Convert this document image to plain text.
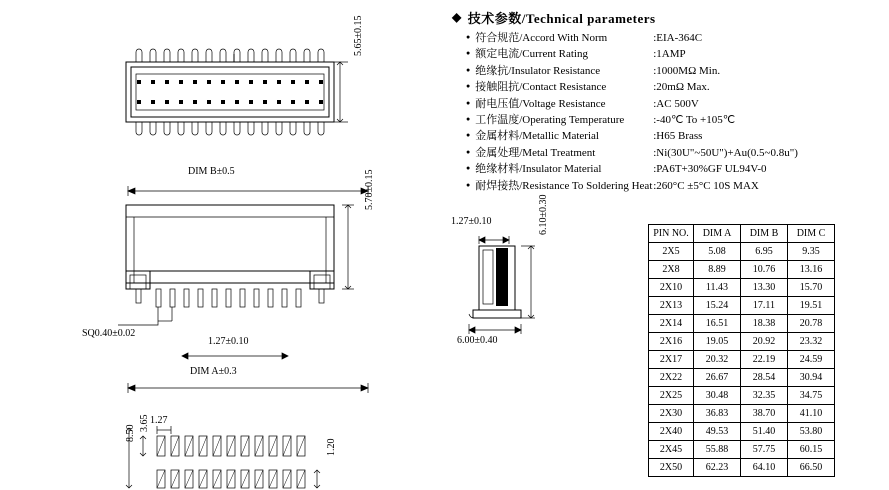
5.65±0.15
DIM B±0.5	5.70±0.15
SQ0.40±0.02
1.27±0.10
DIM A±0.3
1.27±0.10	6.10±0.30
6.00±0.40
1.27
3.65
8.50
1.20
◆ 技术参数/Technical parameters
● 符合规范/Accord With Norm	:EIA-364C
● 额定电流/Current Rating	:1AMP
● 绝缘抗/Insulator Resistance	:1000MΩ Min.
● 接触阻抗/Contact Resistance	:20mΩ Max.
● 耐电压值/Voltage Resistance	:AC 500V
● 工作温度/Operating Temperature	:-40℃ To +105℃
● 金属材料/Metallic Material	:H65 Brass
● 金属处理/Metal Treatment	:Ni(30U"~50U")+Au(0.5~0.8u")
● 绝缘材料/Insulator Material	:PA6T+30%GF UL94V-0
● 耐焊接热/Resistance To Soldering Heat :260°C ±5°C 10S MAX
PIN NO.	DIM A	DIM B	DIM C
2X5	5.08	6.95	9.35
2X8	8.89	10.76	13.16
2X10	11.43	13.30	15.70
2X13	15.24	17.11	19.51
2X14	16.51	18.38	20.78
2X16	19.05	20.92	23.32
2X17	20.32	22.19	24.59
2X22	26.67	28.54	30.94
2X25	30.48	32.35	34.75
2X30	36.83	38.70	41.10
2X40	49.53	51.40	53.80
2X45	55.88	57.75	60.15
2X50	62.23	64.10	66.50
